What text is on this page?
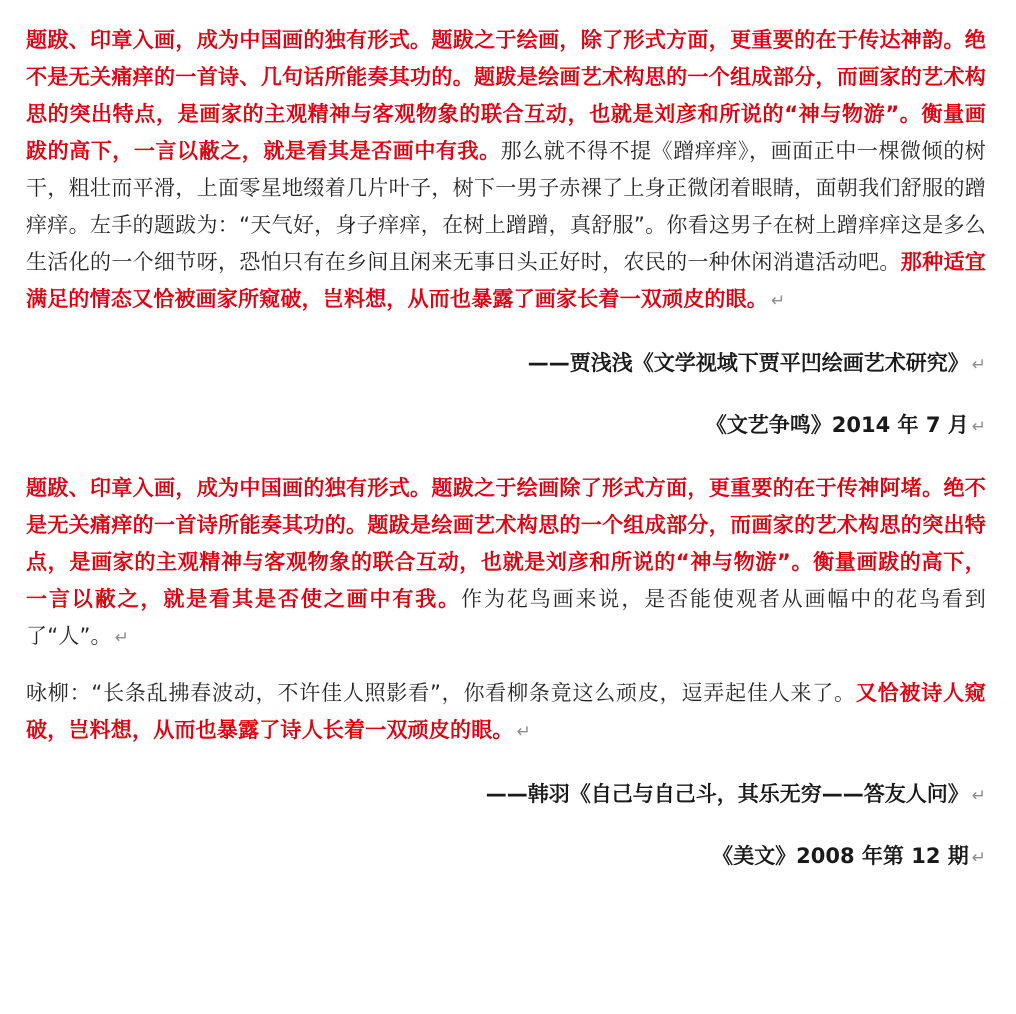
题跋、印章入画，成为中国画的独有形式。题跋之于绘画，除了形式方面，更重要的在于传达神韵。绝不是无关痛痒的一首诗、几句话所能奏其功的。题跋是绘画艺术构思的一个组成部分，而画家的艺术构思的突出特点，是画家的主观精神与客观物象的联合互动，也就是刘彦和所说的“神与物游”。衡量画跋的高下，一言以蔽之，就是看其是否画中有我。那么就不得不提《蹭痒痒》，画面正中一棵微倾的树干，粗壮而平滑，上面零星地缀着几片叶子，树下一男子赤裸了上身正微闭着眼睛，面朝我们舒服的蹭痒痒。左手的题跋为：“天气好，身子痒痒，在树上蹭蹭，真舒服”。你看这男子在树上蹭痒痒这是多么生活化的一个细节呀，恐怕只有在乡间且闲来无事日头正好时，农民的一种休闲消遣活动吧。那种适宜满足的情态又恰被画家所窥破，岂料想，从而也暴露了画家长着一双顽皮的眼。 ↵

——贾浅浅《文学视域下贾平凹绘画艺术研究》 ↵

《文艺争鸣》2014 年 7 月 ↵

题跋、印章入画，成为中国画的独有形式。题跋之于绘画除了形式方面，更重要的在于传神阿堵。绝不是无关痛痒的一首诗所能奏其功的。题跋是绘画艺术构思的一个组成部分，而画家的艺术构思的突出特点，是画家的主观精神与客观物象的联合互动，也就是刘彦和所说的“神与物游”。衡量画跋的高下，一言以蔽之，就是看其是否使之画中有我。作为花鸟画来说，是否能使观者从画幅中的花鸟看到了“人”。 ↵

咏柳：“长条乱拂春波动，不许佳人照影看”，你看柳条竟这么顽皮，逗弄起佳人来了。又恰被诗人窥破，岂料想，从而也暴露了诗人长着一双顽皮的眼。 ↵

——韩羽《自己与自己斗，其乐无穷——答友人问》 ↵

《美文》2008 年第 12 期 ↵
